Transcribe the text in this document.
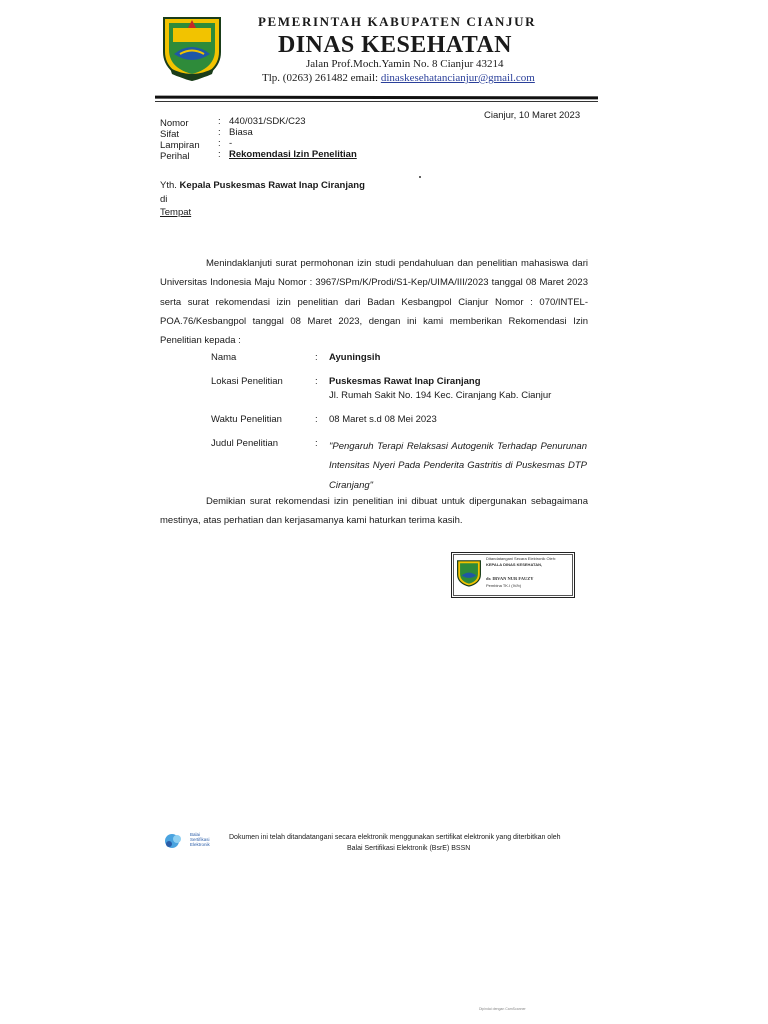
PEMERINTAH KABUPATEN CIANJUR
DINAS KESEHATAN
Jalan Prof.Moch.Yamin No. 8 Cianjur 43214
Tlp. (0263) 261482 email: dinaskesehatancianjur@gmail.com
Cianjur, 10 Maret 2023
Nomor	: 440/031/SDK/C23
Sifat	: Biasa
Lampiran : -
Perihal	: Rekomendasi Izin Penelitian
Yth. Kepala Puskesmas Rawat Inap Ciranjang
di
Tempat
Menindaklanjuti surat permohonan izin studi pendahuluan dan penelitian mahasiswa dari Universitas Indonesia Maju Nomor : 3967/SPm/K/Prodi/S1-Kep/UIMA/III/2023 tanggal 08 Maret 2023 serta surat rekomendasi izin penelitian dari Badan Kesbangpol Cianjur Nomor : 070/INTEL-POA.76/Kesbangpol tanggal 08 Maret 2023, dengan ini kami memberikan Rekomendasi Izin Penelitian kepada :
Nama	: Ayuningsih
Lokasi Penelitian	: Puskesmas Rawat Inap Ciranjang
Jl. Rumah Sakit No. 194 Kec. Ciranjang Kab. Cianjur
Waktu Penelitian	: 08 Maret s.d 08 Mei 2023
Judul Penelitian	: "Pengaruh Terapi Relaksasi Autogenik Terhadap Penurunan Intensitas Nyeri Pada Penderita Gastritis di Puskesmas DTP Ciranjang"
Demikian surat rekomendasi izin penelitian ini dibuat untuk dipergunakan sebagaimana mestinya, atas perhatian dan kerjasamanya kami haturkan terima kasih.
Ditandatangani Secara Elektronik Oleh:
KEPALA DINAS KESEHATAN,
dr. IRVAN NUR FAUZY
Pembina TK.I (IV/b)
Balai
Sertifikasi
Elektronik
Dokumen ini telah ditandatangani secara elektronik menggunakan sertifikat elektronik yang diterbitkan oleh
Balai Sertifikasi Elektronik (BsrE) BSSN
Dipindai dengan CamScanner
